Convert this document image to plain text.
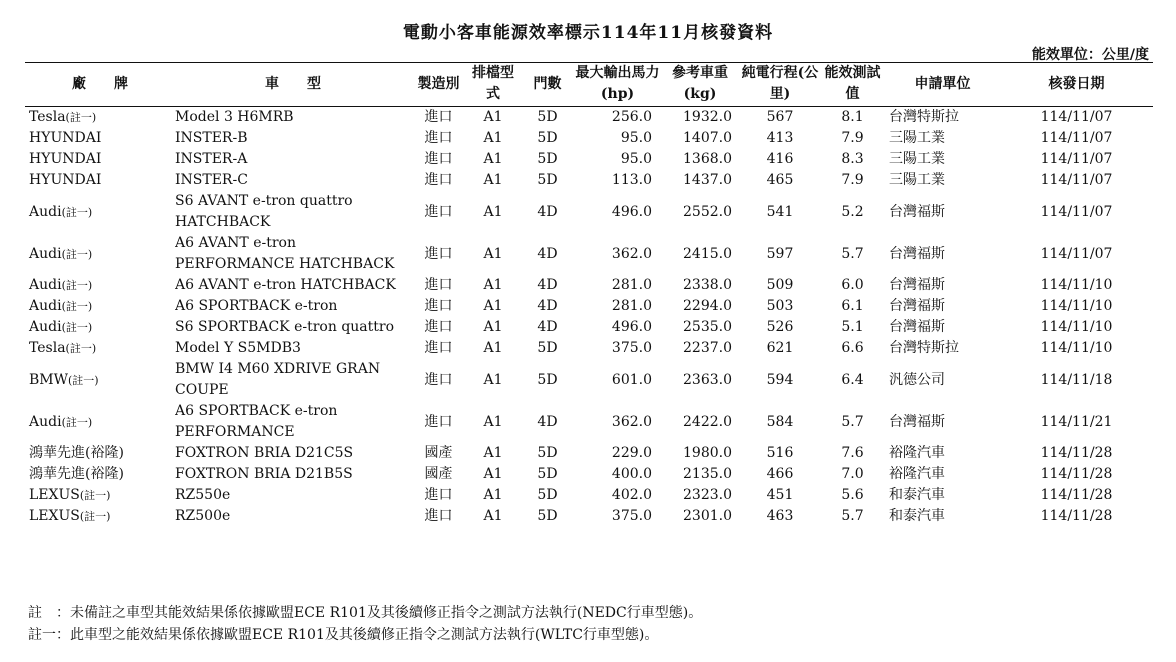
電動小客車能源效率標示114年11月核發資料
能效單位：公里/度
廠　　牌	車　　型	製造別	排檔型式	門數	最大輸出馬力(hp)	參考車重(kg)	純電行程(公里)	能效測試值	申請單位	核發日期
Tesla(註一)	Model 3 H6MRB	進口	A1	5D	256.0	1932.0	567	8.1	台灣特斯拉	114/11/07
HYUNDAI	INSTER-B	進口	A1	5D	95.0	1407.0	413	7.9	三陽工業	114/11/07
HYUNDAI	INSTER-A	進口	A1	5D	95.0	1368.0	416	8.3	三陽工業	114/11/07
HYUNDAI	INSTER-C	進口	A1	5D	113.0	1437.0	465	7.9	三陽工業	114/11/07
Audi(註一)	S6 AVANT e-tron quattro HATCHBACK	進口	A1	4D	496.0	2552.0	541	5.2	台灣福斯	114/11/07
Audi(註一)	A6 AVANT e-tron PERFORMANCE HATCHBACK	進口	A1	4D	362.0	2415.0	597	5.7	台灣福斯	114/11/07
Audi(註一)	A6 AVANT e-tron HATCHBACK	進口	A1	4D	281.0	2338.0	509	6.0	台灣福斯	114/11/10
Audi(註一)	A6 SPORTBACK e-tron	進口	A1	4D	281.0	2294.0	503	6.1	台灣福斯	114/11/10
Audi(註一)	S6 SPORTBACK e-tron quattro	進口	A1	4D	496.0	2535.0	526	5.1	台灣福斯	114/11/10
Tesla(註一)	Model Y S5MDB3	進口	A1	5D	375.0	2237.0	621	6.6	台灣特斯拉	114/11/10
BMW(註一)	BMW I4 M60 XDRIVE GRAN COUPE	進口	A1	5D	601.0	2363.0	594	6.4	汎德公司	114/11/18
Audi(註一)	A6 SPORTBACK e-tron PERFORMANCE	進口	A1	4D	362.0	2422.0	584	5.7	台灣福斯	114/11/21
鴻華先進(裕隆)	FOXTRON BRIA D21C5S	國產	A1	5D	229.0	1980.0	516	7.6	裕隆汽車	114/11/28
鴻華先進(裕隆)	FOXTRON BRIA D21B5S	國產	A1	5D	400.0	2135.0	466	7.0	裕隆汽車	114/11/28
LEXUS(註一)	RZ550e	進口	A1	5D	402.0	2323.0	451	5.6	和泰汽車	114/11/28
LEXUS(註一)	RZ500e	進口	A1	5D	375.0	2301.0	463	5.7	和泰汽車	114/11/28
註　：未備註之車型其能效結果係依據歐盟ECE R101及其後續修正指令之測試方法執行(NEDC行車型態)。
註一：此車型之能效結果係依據歐盟ECE R101及其後續修正指令之測試方法執行(WLTC行車型態)。
